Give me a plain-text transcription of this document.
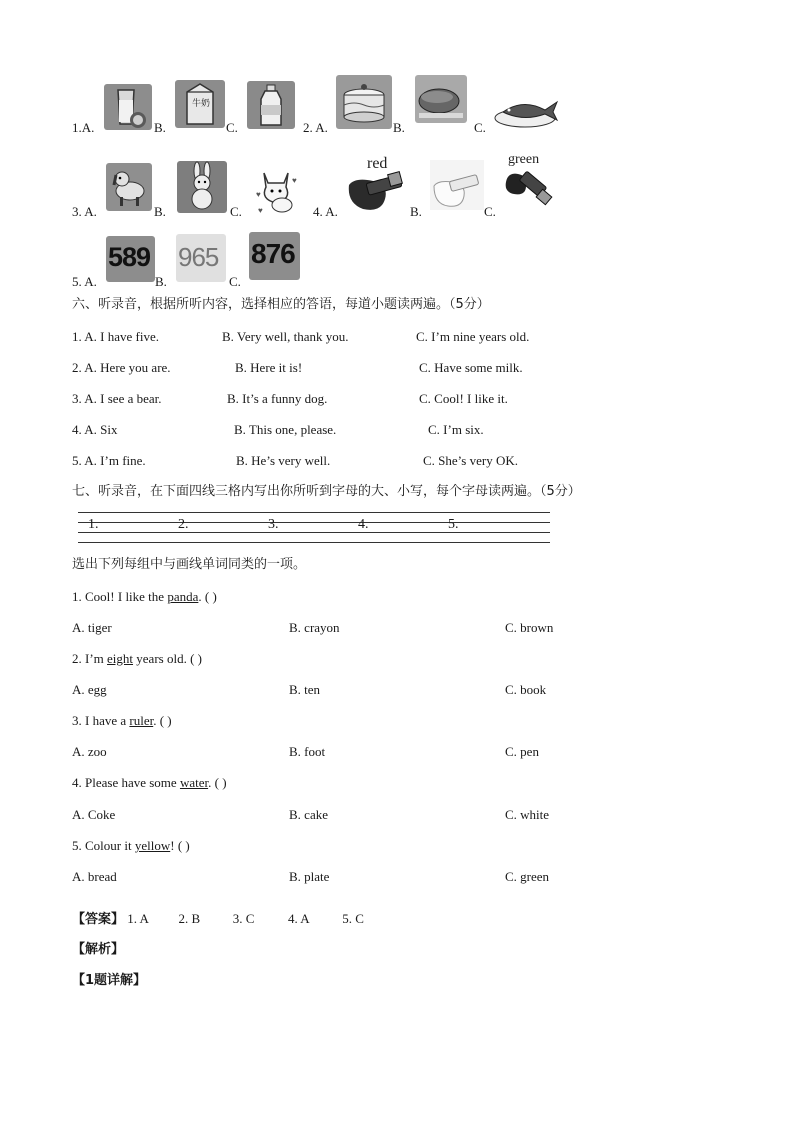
1.A.	B.
牛奶
C.	2. A.	B.	C.
3. A.	B.	C.
♥
♥
♥	4. A.
red
B.	C.
green
5. A.
589
B.
965
C.
876
六、听录音，根据所听内容，选择相应的答语，每道小题读两遍。（5分）
1. A. I have five.	B. Very well, thank you.	C. I’m nine years old.
2. A. Here you are.	B. Here it is!	C. Have some milk.
3. A. I see a bear.	B. It’s a funny dog.	C. Cool! I like it.
4. A. Six	B. This one, please.	C. I’m six.
5. A. I’m fine.	B. He’s very well.	C. She’s very OK.
七、听录音，在下面四线三格内写出你所听到字母的大、小写，每个字母读两遍。（5分）
1.	2.	3.	4.	5.
选出下列每组中与画线单词同类的一项。
1. Cool! I like the panda. ( )
A. tiger	B. crayon	C. brown
2. I’m eight years old. ( )
A. egg	B. ten	C. book
3. I have a ruler. ( )
A. zoo	B. foot	C. pen
4. Please have some water. ( )
A. Coke	B. cake	C. white
5. Colour it yellow! ( )
A. bread	B. plate	C. green
【答案】 1. A 2. B	3. C	4. A	5. C
【解析】
【1题详解】
